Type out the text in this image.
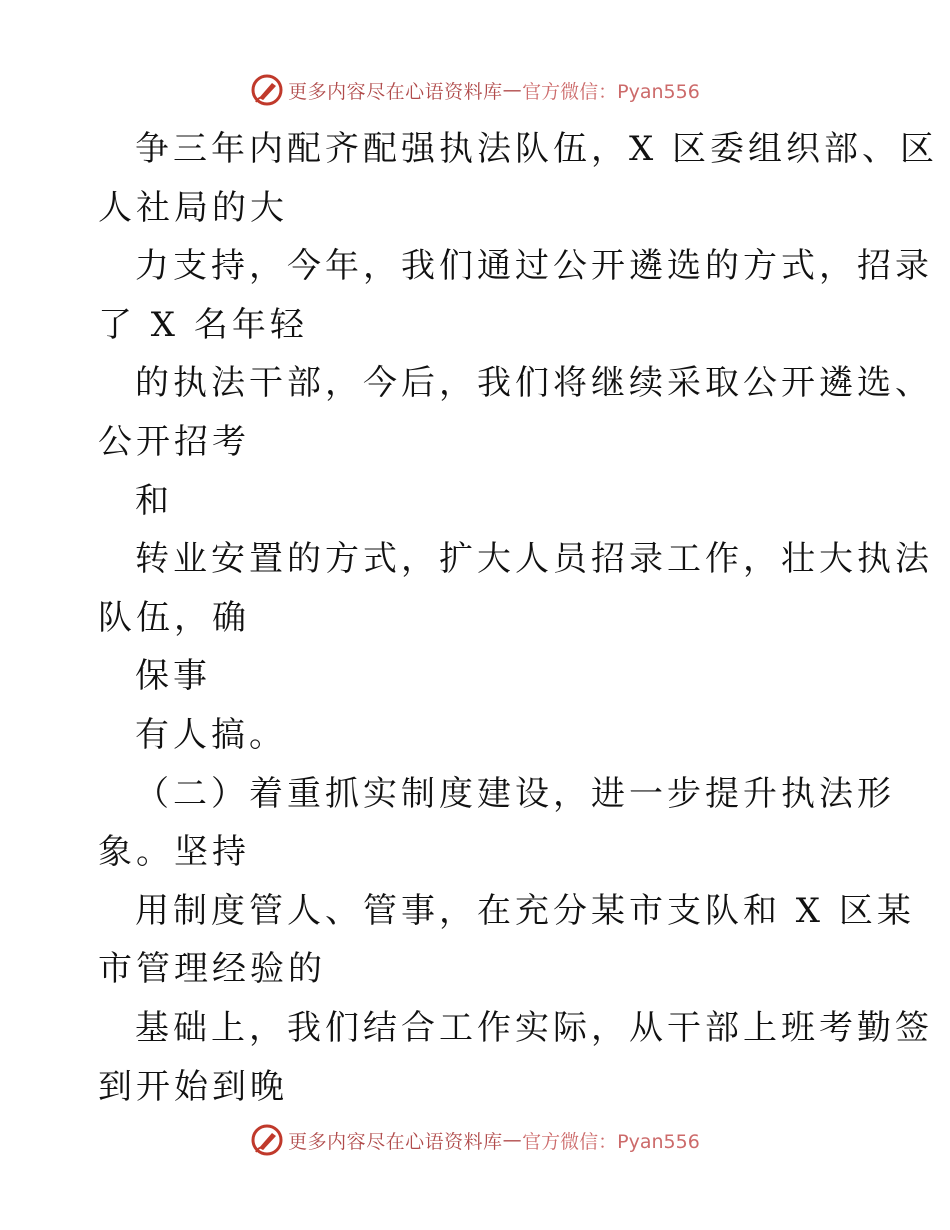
更多内容尽在心语资料库 — 官方微信：Pyan556
争三年内配齐配强执法队伍，X 区委组织部、区
人社局的大
力支持，今年，我们通过公开遴选的方式，招录
了 X 名年轻
的执法干部，今后，我们将继续采取公开遴选、
公开招考
和
转业安置的方式，扩大人员招录工作，壮大执法
队伍，确
保事
有人搞。
（二）着重抓实制度建设，进一步提升执法形
象。坚持
用制度管人、管事，在充分某市支队和 X 区某
市管理经验的
基础上，我们结合工作实际，从干部上班考勤签
到开始到晚
更多内容尽在心语资料库 — 官方微信：Pyan556
